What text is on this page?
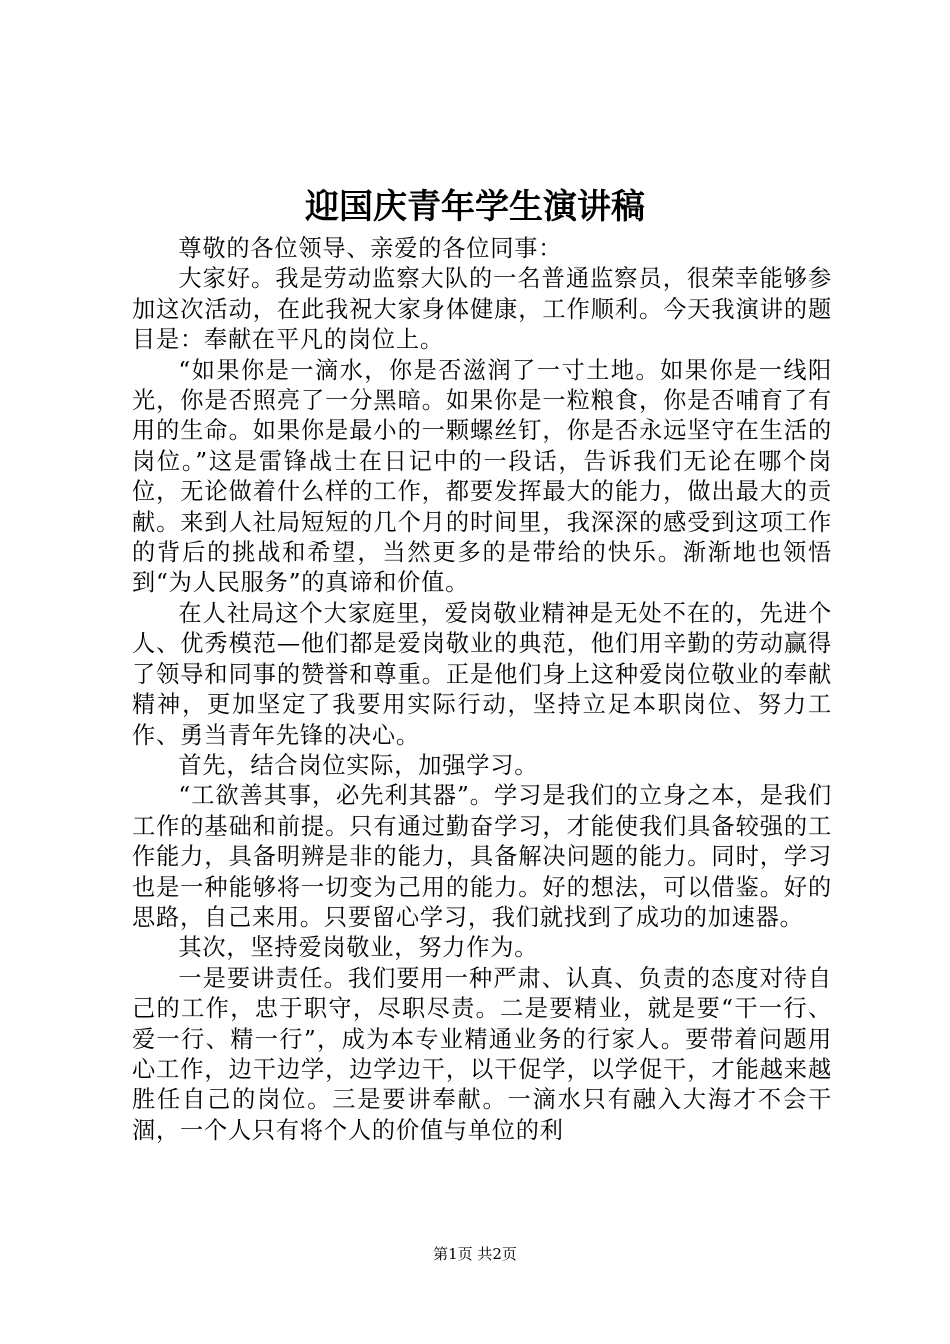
迎国庆青年学生演讲稿

尊敬的各位领导、亲爱的各位同事：

大家好。我是劳动监察大队的一名普通监察员，很荣幸能够参加这次活动，在此我祝大家身体健康，工作顺利。今天我演讲的题目是：奉献在平凡的岗位上。

“如果你是一滴水，你是否滋润了一寸土地。如果你是一线阳光，你是否照亮了一分黑暗。如果你是一粒粮食，你是否哺育了有用的生命。如果你是最小的一颗螺丝钉，你是否永远坚守在生活的岗位。”这是雷锋战士在日记中的一段话，告诉我们无论在哪个岗位，无论做着什么样的工作，都要发挥最大的能力，做出最大的贡献。来到人社局短短的几个月的时间里，我深深的感受到这项工作的背后的挑战和希望，当然更多的是带给的快乐。渐渐地也领悟到“为人民服务”的真谛和价值。

在人社局这个大家庭里，爱岗敬业精神是无处不在的，先进个人、优秀模范—他们都是爱岗敬业的典范，他们用辛勤的劳动赢得了领导和同事的赞誉和尊重。正是他们身上这种爱岗位敬业的奉献精神，更加坚定了我要用实际行动，坚持立足本职岗位、努力工作、勇当青年先锋的决心。

首先，结合岗位实际，加强学习。

“工欲善其事，必先利其器”。学习是我们的立身之本，是我们工作的基础和前提。只有通过勤奋学习，才能使我们具备较强的工作能力，具备明辨是非的能力，具备解决问题的能力。同时，学习也是一种能够将一切变为己用的能力。好的想法，可以借鉴。好的思路，自己来用。只要留心学习，我们就找到了成功的加速器。

其次，坚持爱岗敬业，努力作为。

一是要讲责任。我们要用一种严肃、认真、负责的态度对待自己的工作，忠于职守，尽职尽责。二是要精业，就是要“干一行、爱一行、精一行”，成为本专业精通业务的行家人。要带着问题用心工作，边干边学，边学边干，以干促学，以学促干，才能越来越胜任自己的岗位。三是要讲奉献。一滴水只有融入大海才不会干涸，一个人只有将个人的价值与单位的利

第1页 共2页
